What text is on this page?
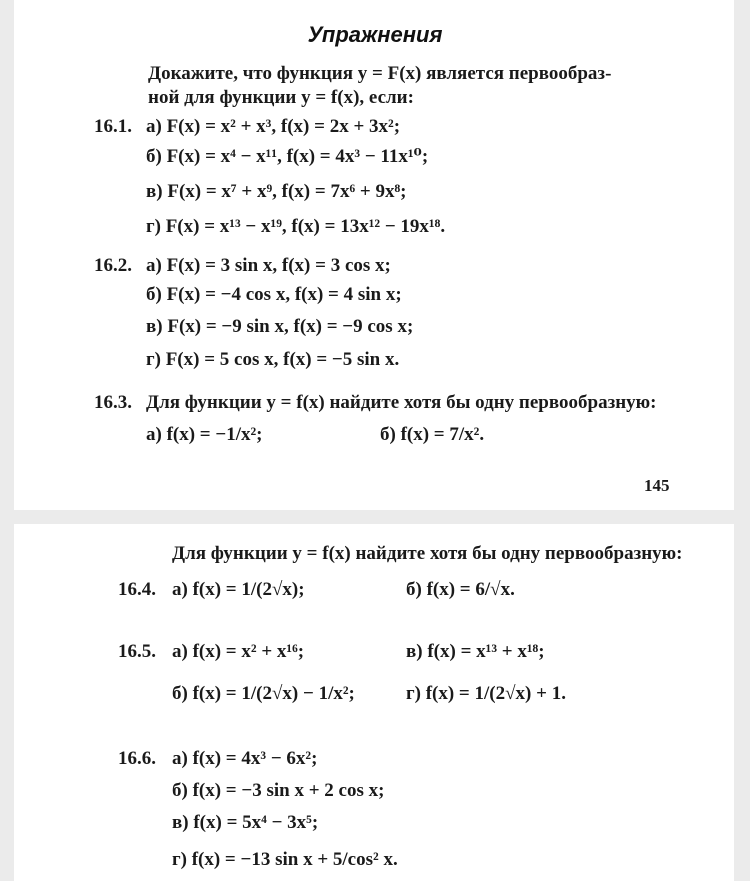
Упражнения
Докажите, что функция y = F(x) является первообраз-
ной для функции y = f(x), если:
16.1. а) F(x) = x² + x³, f(x) = 2x + 3x²;
б) F(x) = x⁴ − x¹¹, f(x) = 4x³ − 11x¹⁰;
в) F(x) = x⁷ + x⁹, f(x) = 7x⁶ + 9x⁸;
г) F(x) = x¹³ − x¹⁹, f(x) = 13x¹² − 19x¹⁸.
16.2. а) F(x) = 3 sin x, f(x) = 3 cos x;
б) F(x) = −4 cos x, f(x) = 4 sin x;
в) F(x) = −9 sin x, f(x) = −9 cos x;
г) F(x) = 5 cos x, f(x) = −5 sin x.
16.3. Для функции y = f(x) найдите хотя бы одну первообразную:
а) f(x) = −1/x²;	б) f(x) = 7/x².
145
Для функции y = f(x) найдите хотя бы одну первообразную:
16.4. а) f(x) = 1/(2√x);	б) f(x) = 6/√x.
16.5. а) f(x) = x² + x¹⁶;	в) f(x) = x¹³ + x¹⁸;
б) f(x) = 1/(2√x) − 1/x²;	г) f(x) = 1/(2√x) + 1.
16.6. а) f(x) = 4x³ − 6x²;
б) f(x) = −3 sin x + 2 cos x;
в) f(x) = 5x⁴ − 3x⁵;
г) f(x) = −13 sin x + 5/cos² x.
